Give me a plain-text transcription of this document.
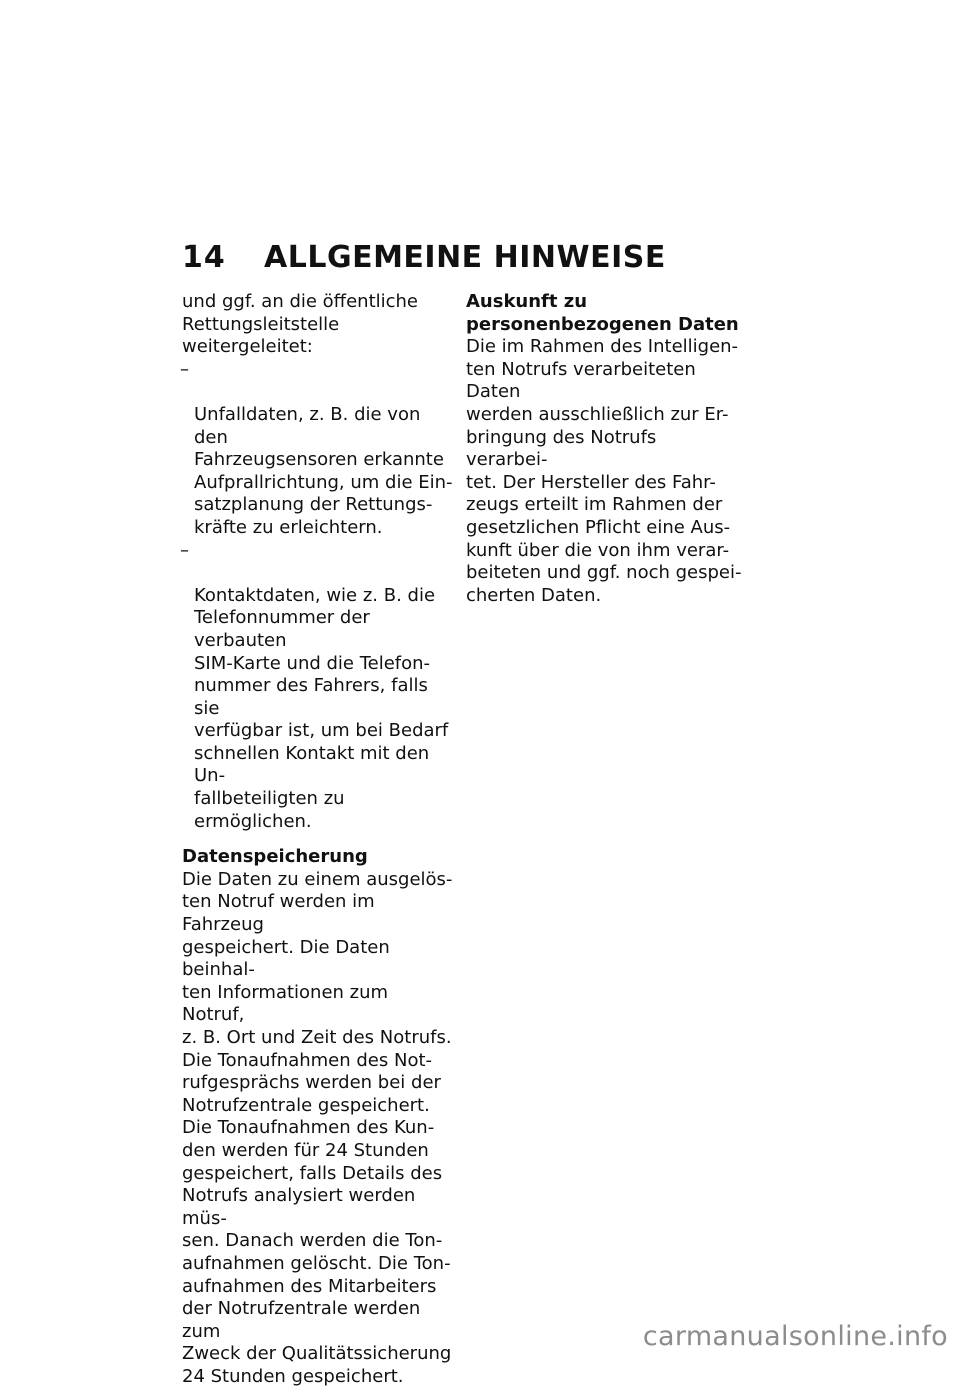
14	ALLGEMEINE HINWEISE

und ggf. an die öffentliche
Rettungsleitstelle weitergeleitet:

–

Unfalldaten, z. B. die von den
Fahrzeugsensoren erkannte
Aufprallrichtung, um die Ein-
satzplanung der Rettungs-
kräfte zu erleichtern.

–

Kontaktdaten, wie z. B. die
Telefonnummer der verbauten
SIM-Karte und die Telefon-
nummer des Fahrers, falls sie
verfügbar ist, um bei Bedarf
schnellen Kontakt mit den Un-
fallbeteiligten zu ermöglichen.

Datenspeicherung

Die Daten zu einem ausgelös-
ten Notruf werden im Fahrzeug
gespeichert. Die Daten beinhal-
ten Informationen zum Notruf,
z. B. Ort und Zeit des Notrufs.

Die Tonaufnahmen des Not-
rufgesprächs werden bei der
Notrufzentrale gespeichert.

Die Tonaufnahmen des Kun-
den werden für 24 Stunden
gespeichert, falls Details des
Notrufs analysiert werden müs-
sen. Danach werden die Ton-
aufnahmen gelöscht. Die Ton-
aufnahmen des Mitarbeiters
der Notrufzentrale werden zum
Zweck der Qualitätssicherung
24 Stunden gespeichert.

Auskunft zu
personenbezogenen Daten

Die im Rahmen des Intelligen-
ten Notrufs verarbeiteten Daten
werden ausschließlich zur Er-
bringung des Notrufs verarbei-
tet. Der Hersteller des Fahr-
zeugs erteilt im Rahmen der
gesetzlichen Pflicht eine Aus-
kunft über die von ihm verar-
beiteten und ggf. noch gespei-
cherten Daten.

carmanualsonline.info
